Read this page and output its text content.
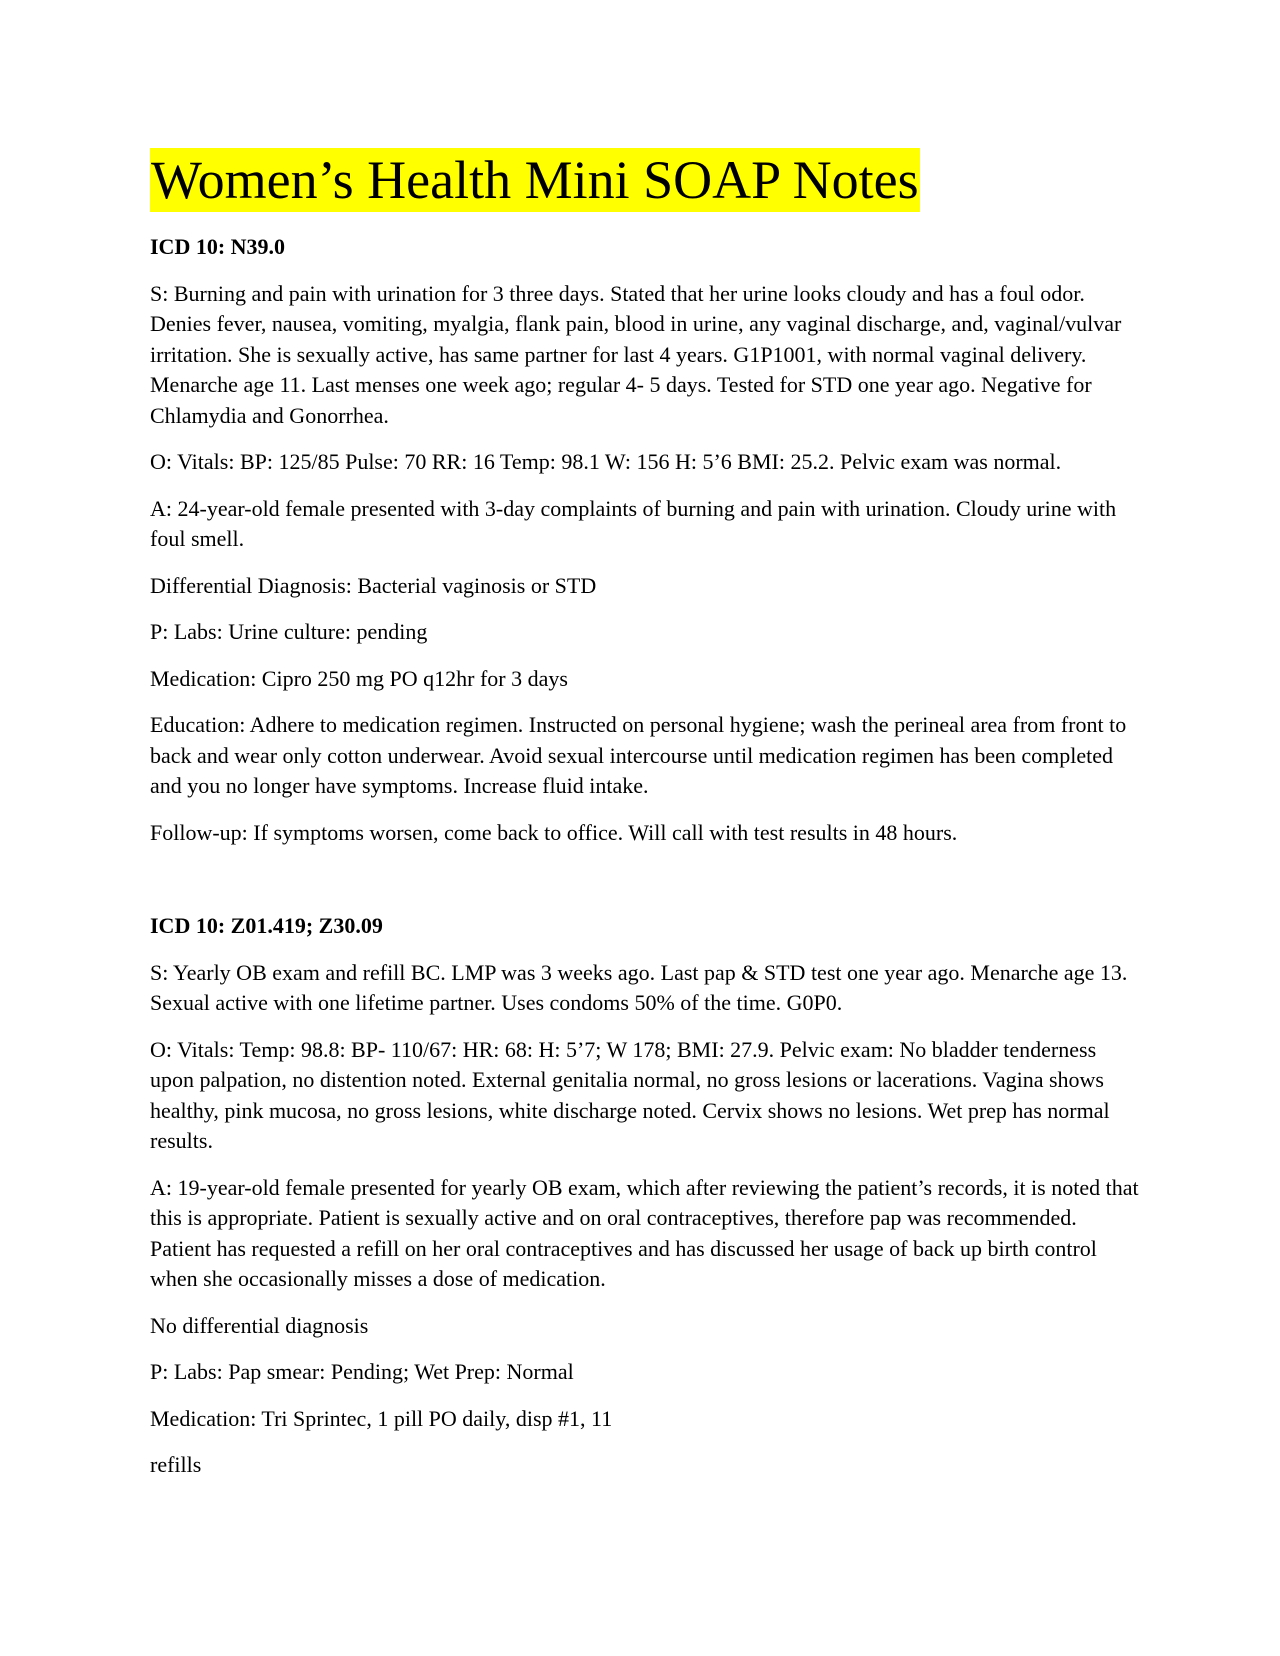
Women’s Health Mini SOAP Notes

ICD 10: N39.0

S: Burning and pain with urination for 3 three days. Stated that her urine looks cloudy and has a foul odor. Denies fever, nausea, vomiting, myalgia, flank pain, blood in urine, any vaginal discharge, and, vaginal/vulvar irritation. She is sexually active, has same partner for last 4 years. G1P1001, with normal vaginal delivery. Menarche age 11. Last menses one week ago; regular 4- 5 days. Tested for STD one year ago. Negative for Chlamydia and Gonorrhea.

O: Vitals: BP: 125/85 Pulse: 70 RR: 16 Temp: 98.1 W: 156 H: 5’6 BMI: 25.2. Pelvic exam was normal.

A: 24-year-old female presented with 3-day complaints of burning and pain with urination. Cloudy urine with foul smell.

Differential Diagnosis: Bacterial vaginosis or STD

P: Labs: Urine culture: pending

Medication: Cipro 250 mg PO q12hr for 3 days

Education: Adhere to medication regimen. Instructed on personal hygiene; wash the perineal area from front to back and wear only cotton underwear. Avoid sexual intercourse until medication regimen has been completed and you no longer have symptoms. Increase fluid intake.

Follow-up: If symptoms worsen, come back to office. Will call with test results in 48 hours.

ICD 10: Z01.419; Z30.09

S: Yearly OB exam and refill BC. LMP was 3 weeks ago. Last pap & STD test one year ago. Menarche age 13. Sexual active with one lifetime partner. Uses condoms 50% of the time. G0P0.

O: Vitals: Temp: 98.8: BP- 110/67: HR: 68: H: 5’7; W 178; BMI: 27.9. Pelvic exam: No bladder tenderness upon palpation, no distention noted. External genitalia normal, no gross lesions or lacerations. Vagina shows healthy, pink mucosa, no gross lesions, white discharge noted. Cervix shows no lesions. Wet prep has normal results.

A: 19-year-old female presented for yearly OB exam, which after reviewing the patient’s records, it is noted that this is appropriate. Patient is sexually active and on oral contraceptives, therefore pap was recommended. Patient has requested a refill on her oral contraceptives and has discussed her usage of back up birth control when she occasionally misses a dose of medication.

No differential diagnosis

P: Labs: Pap smear: Pending; Wet Prep: Normal

Medication: Tri Sprintec, 1 pill PO daily, disp #1, 11

refills
